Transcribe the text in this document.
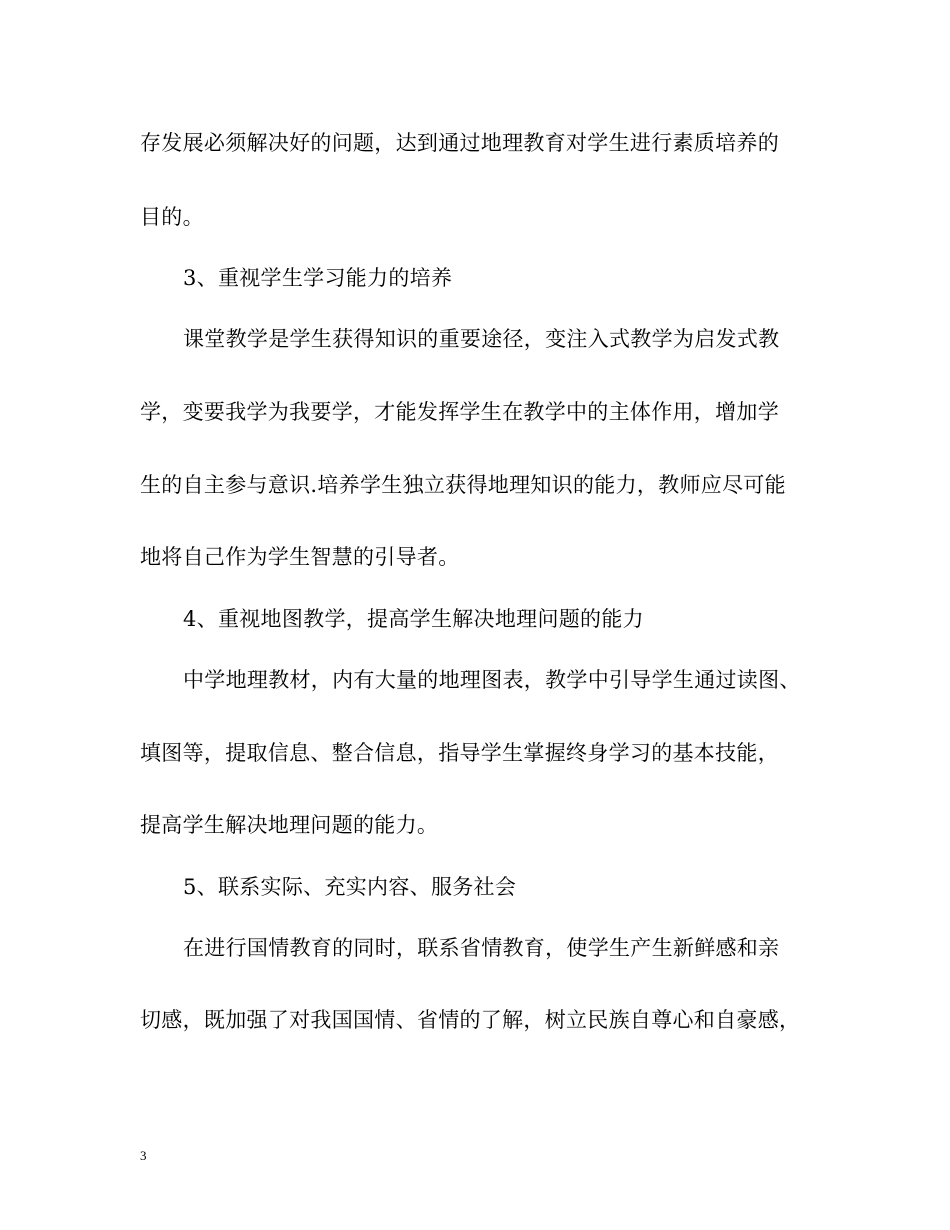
存发展必须解决好的问题，达到通过地理教育对学生进行素质培养的
目的。
3、重视学生学习能力的培养
课堂教学是学生获得知识的重要途径，变注入式教学为启发式教
学，变要我学为我要学，才能发挥学生在教学中的主体作用，增加学
生的自主参与意识.培养学生独立获得地理知识的能力，教师应尽可能
地将自己作为学生智慧的引导者。
4、重视地图教学，提高学生解决地理问题的能力
中学地理教材，内有大量的地理图表，教学中引导学生通过读图、
填图等，提取信息、整合信息，指导学生掌握终身学习的基本技能，
提高学生解决地理问题的能力。
5、联系实际、充实内容、服务社会
在进行国情教育的同时，联系省情教育，使学生产生新鲜感和亲
切感，既加强了对我国国情、省情的了解，树立民族自尊心和自豪感，
3
